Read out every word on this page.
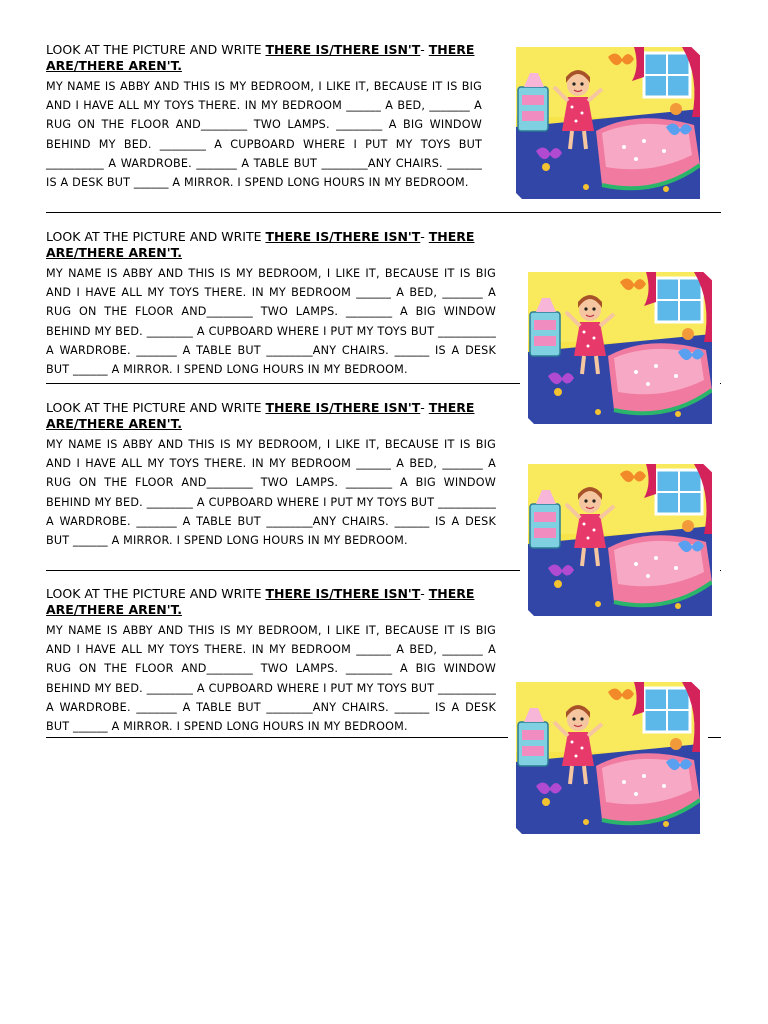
LOOK AT THE PICTURE AND WRITE THERE IS/THERE ISN'T- THERE ARE/THERE AREN'T.

MY NAME IS ABBY AND THIS IS MY BEDROOM, I LIKE IT, BECAUSE IT IS BIG AND I HAVE ALL MY TOYS THERE. IN MY BEDROOM ______ A BED, _______ A RUG ON THE FLOOR AND________ TWO LAMPS. ________ A BIG WINDOW BEHIND MY BED. ________ A CUPBOARD WHERE I PUT MY TOYS BUT __________ A WARDROBE. _______ A TABLE BUT ________ANY CHAIRS. ______ IS A DESK BUT ______ A MIRROR. I SPEND LONG HOURS IN MY BEDROOM.

LOOK AT THE PICTURE AND WRITE THERE IS/THERE ISN'T- THERE ARE/THERE AREN'T.

MY NAME IS ABBY AND THIS IS MY BEDROOM, I LIKE IT, BECAUSE IT IS BIG AND I HAVE ALL MY TOYS THERE. IN MY BEDROOM ______ A BED, _______ A RUG ON THE FLOOR AND________ TWO LAMPS. ________ A BIG WINDOW BEHIND MY BED. ________ A CUPBOARD WHERE I PUT MY TOYS BUT __________ A WARDROBE. _______ A TABLE BUT ________ANY CHAIRS. ______ IS A DESK BUT ______ A MIRROR. I SPEND LONG HOURS IN MY BEDROOM.

LOOK AT THE PICTURE AND WRITE THERE IS/THERE ISN'T- THERE ARE/THERE AREN'T.

MY NAME IS ABBY AND THIS IS MY BEDROOM, I LIKE IT, BECAUSE IT IS BIG AND I HAVE ALL MY TOYS THERE. IN MY BEDROOM ______ A BED, _______ A RUG ON THE FLOOR AND________ TWO LAMPS. ________ A BIG WINDOW BEHIND MY BED. ________ A CUPBOARD WHERE I PUT MY TOYS BUT __________ A WARDROBE. _______ A TABLE BUT ________ANY CHAIRS. ______ IS A DESK BUT ______ A MIRROR. I SPEND LONG HOURS IN MY BEDROOM.

LOOK AT THE PICTURE AND WRITE THERE IS/THERE ISN'T- THERE ARE/THERE AREN'T.

MY NAME IS ABBY AND THIS IS MY BEDROOM, I LIKE IT, BECAUSE IT IS BIG AND I HAVE ALL MY TOYS THERE. IN MY BEDROOM ______ A BED, _______ A RUG ON THE FLOOR AND________ TWO LAMPS. ________ A BIG WINDOW BEHIND MY BED. ________ A CUPBOARD WHERE I PUT MY TOYS BUT __________ A WARDROBE. _______ A TABLE BUT ________ANY CHAIRS. ______ IS A DESK BUT ______ A MIRROR. I SPEND LONG HOURS IN MY BEDROOM.
